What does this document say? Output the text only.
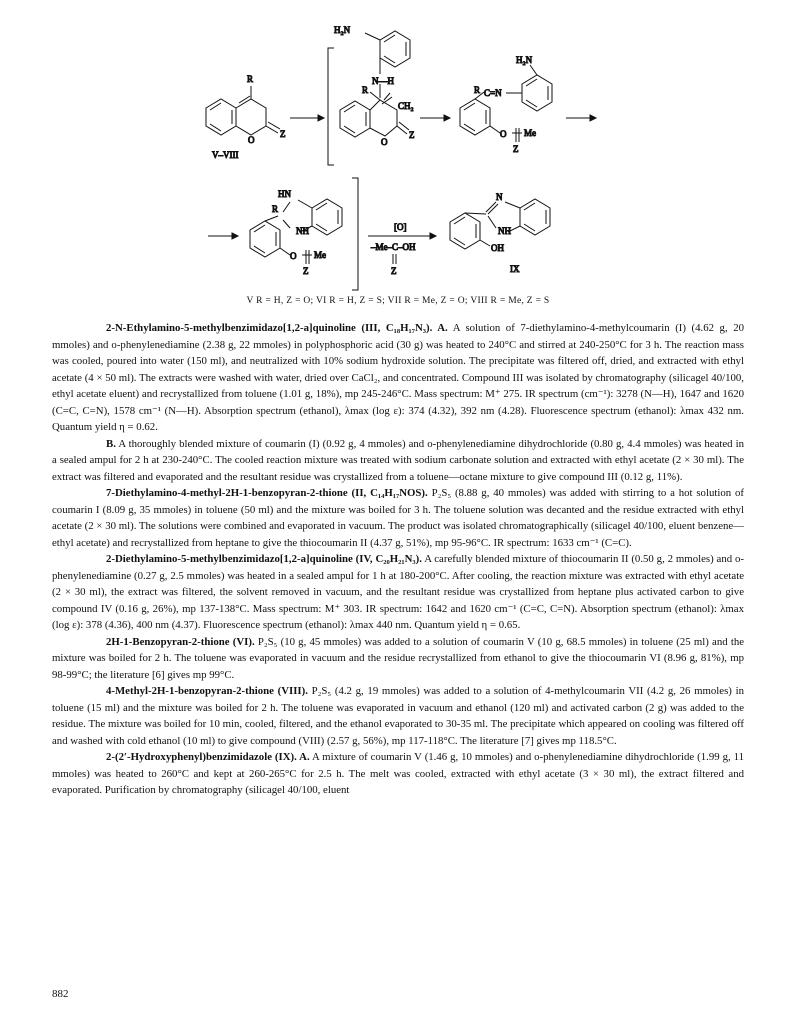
R
O
Z
V–VIII
H₂N
N—H
R
CH₂
O
Z
H₂N
R C=N
O Me
Z
HN
R
NH
O Me
Z
[O]
–Me–C–OH
Z
N
NH
OH
IX
V R = H, Z = O; VI R = H, Z = S; VII R = Me, Z = O; VIII R = Me, Z = S

2-N-Ethylamino-5-methylbenzimidazo[1,2-a]quinoline (III, C₁₈H₁₇N₃). A. A solution of 7-diethylamino-4-methylcoumarin (I) (4.62 g, 20 mmoles) and o-phenylenediamine (2.38 g, 22 mmoles) in polyphosphoric acid (30 g) was heated to 240°C and stirred at 240-250°C for 3 h. The reaction mass was cooled, poured into water (150 ml), and neutralized with 10% sodium hydroxide solution. The precipitate was filtered off, dried, and extracted with ethyl acetate (4 × 50 ml). The extracts were washed with water, dried over CaCl₂, and concentrated. Compound III was isolated by chromatography (silicagel 40/100, ethyl acetate eluent) and recrystallized from toluene (1.01 g, 18%), mp 245-246°C. Mass spectrum: M⁺ 275. IR spectrum (cm⁻¹): 3278 (N—H), 1647 and 1620 (C=C, C=N), 1578 cm⁻¹ (N—H). Absorption spectrum (ethanol), λmax (log ε): 374 (4.32), 392 nm (4.28). Fluorescence spectrum (ethanol): λmax 432 nm. Quantum yield η = 0.62.

B. A thoroughly blended mixture of coumarin (I) (0.92 g, 4 mmoles) and o-phenylenediamine dihydrochloride (0.80 g, 4.4 mmoles) was heated in a sealed ampul for 2 h at 230-240°C. The cooled reaction mixture was treated with sodium carbonate solution and extracted with ethyl acetate (2 × 30 ml). The extract was filtered and evaporated and the resultant residue was crystallized from a toluene—octane mixture to give compound III (0.12 g, 11%).

7-Diethylamino-4-methyl-2H-1-benzopyran-2-thione (II, C₁₄H₁₇NOS). P₂S₅ (8.88 g, 40 mmoles) was added with stirring to a hot solution of coumarin I (8.09 g, 35 mmoles) in toluene (50 ml) and the mixture was boiled for 3 h. The toluene solution was decanted and the residue extracted with ethyl acetate (2 × 30 ml). The solutions were combined and evaporated in vacuum. The product was isolated chromatographically (silicagel 40/100, eluent benzene—ethyl acetate) and recrystallized from heptane to give the thiocoumarin II (4.37 g, 51%), mp 95-96°C. IR spectrum: 1633 cm⁻¹ (C=C).

2-Diethylamino-5-methylbenzimidazo[1,2-a]quinoline (IV, C₂₀H₂₁N₃). A carefully blended mixture of thiocoumarin II (0.50 g, 2 mmoles) and o-phenylenediamine (0.27 g, 2.5 mmoles) was heated in a sealed ampul for 1 h at 180-200°C. After cooling, the reaction mixture was extracted with ethyl acetate (2 × 30 ml), the extract was filtered, the solvent removed in vacuum, and the resultant residue was crystallized from heptane plus activated carbon to give compound IV (0.16 g, 26%), mp 137-138°C. Mass spectrum: M⁺ 303. IR spectrum: 1642 and 1620 cm⁻¹ (C=C, C=N). Absorption spectrum (ethanol): λmax (log ε): 378 (4.36), 400 nm (4.37). Fluorescence spectrum (ethanol): λmax 440 nm. Quantum yield η = 0.65.

2H-1-Benzopyran-2-thione (VI). P₂S₅ (10 g, 45 mmoles) was added to a solution of coumarin V (10 g, 68.5 mmoles) in toluene (25 ml) and the mixture was boiled for 2 h. The toluene was evaporated in vacuum and the residue recrystallized from ethanol to give the thiocoumarin VI (8.96 g, 81%), mp 98-99°C; the literature [6] gives mp 99°C.

4-Methyl-2H-1-benzopyran-2-thione (VIII). P₂S₅ (4.2 g, 19 mmoles) was added to a solution of 4-methylcoumarin VII (4.2 g, 26 mmoles) in toluene (15 ml) and the mixture was boiled for 2 h. The toluene was evaporated in vacuum and ethanol (120 ml) and activated carbon (2 g) was added to the residue. The mixture was boiled for 10 min, cooled, filtered, and the ethanol evaporated to 30-35 ml. The precipitate which appeared on cooling was filtered off and washed with cold ethanol (10 ml) to give compound (VIII) (2.57 g, 56%), mp 117-118°C. The literature [7] gives mp 118.5°C.

2-(2′-Hydroxyphenyl)benzimidazole (IX). A. A mixture of coumarin V (1.46 g, 10 mmoles) and o-phenylenediamine dihydrochloride (1.99 g, 11 mmoles) was heated to 260°C and kept at 260-265°C for 2.5 h. The melt was cooled, extracted with ethyl acetate (3 × 30 ml), the extract filtered and evaporated. Purification by chromatography (silicagel 40/100, eluent

882
